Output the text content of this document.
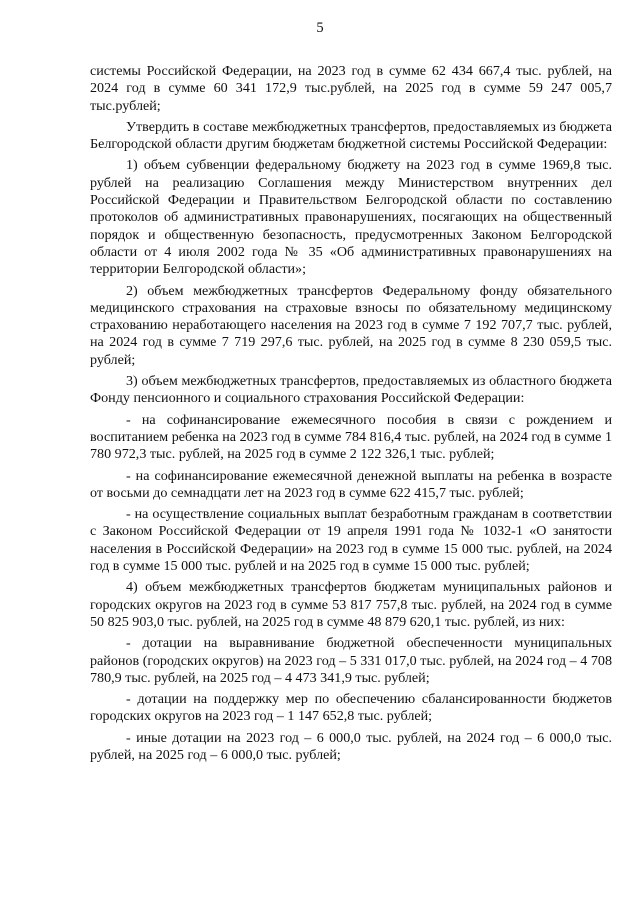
5

системы Российской Федерации, на 2023 год в сумме 62 434 667,4 тыс. рублей, на 2024 год в сумме 60 341 172,9 тыс.рублей, на 2025 год в сумме 59 247 005,7 тыс.рублей;

Утвердить в составе межбюджетных трансфертов, предоставляемых из бюджета Белгородской области другим бюджетам бюджетной системы Российской Федерации:

1) объем субвенции федеральному бюджету на 2023 год в сумме 1969,8 тыс. рублей на реализацию Соглашения между Министерством внутренних дел Российской Федерации и Правительством Белгородской области по составлению протоколов об административных правонарушениях, посягающих на общественный порядок и общественную безопасность, предусмотренных Законом Белгородской области от 4 июля 2002 года № 35 «Об административных правонарушениях на территории Белгородской области»;

2) объем межбюджетных трансфертов Федеральному фонду обязательного медицинского страхования на страховые взносы по обязательному медицинскому страхованию неработающего населения на 2023 год в сумме 7 192 707,7 тыс. рублей, на 2024 год в сумме 7 719 297,6 тыс. рублей, на 2025 год в сумме 8 230 059,5 тыс. рублей;

3) объем межбюджетных трансфертов, предоставляемых из областного бюджета Фонду пенсионного и социального страхования Российской Федерации:

- на софинансирование ежемесячного пособия в связи с рождением и воспитанием ребенка на 2023 год в сумме 784 816,4 тыс. рублей, на 2024 год в сумме 1 780 972,3 тыс. рублей, на 2025 год в сумме 2 122 326,1 тыс. рублей;

- на софинансирование ежемесячной денежной выплаты на ребенка в возрасте от восьми до семнадцати лет на 2023 год в сумме 622 415,7 тыс. рублей;

- на осуществление социальных выплат безработным гражданам в соответствии с Законом Российской Федерации от 19 апреля 1991 года № 1032-1 «О занятости населения в Российской Федерации» на 2023 год в сумме 15 000 тыс. рублей, на 2024 год в сумме 15 000 тыс. рублей и на 2025 год в сумме 15 000 тыс. рублей;

4) объем межбюджетных трансфертов бюджетам муниципальных районов и городских округов на 2023 год в сумме 53 817 757,8 тыс. рублей, на 2024 год в сумме 50 825 903,0 тыс. рублей, на 2025 год в сумме 48 879 620,1 тыс. рублей, из них:

- дотации на выравнивание бюджетной обеспеченности муниципальных районов (городских округов) на 2023 год – 5 331 017,0 тыс. рублей, на 2024 год – 4 708 780,9 тыс. рублей, на 2025 год – 4 473 341,9 тыс. рублей;

- дотации на поддержку мер по обеспечению сбалансированности бюджетов городских округов на 2023 год – 1 147 652,8 тыс. рублей;

- иные дотации на 2023 год – 6 000,0 тыс. рублей, на 2024 год – 6 000,0 тыс. рублей, на 2025 год – 6 000,0 тыс. рублей;
